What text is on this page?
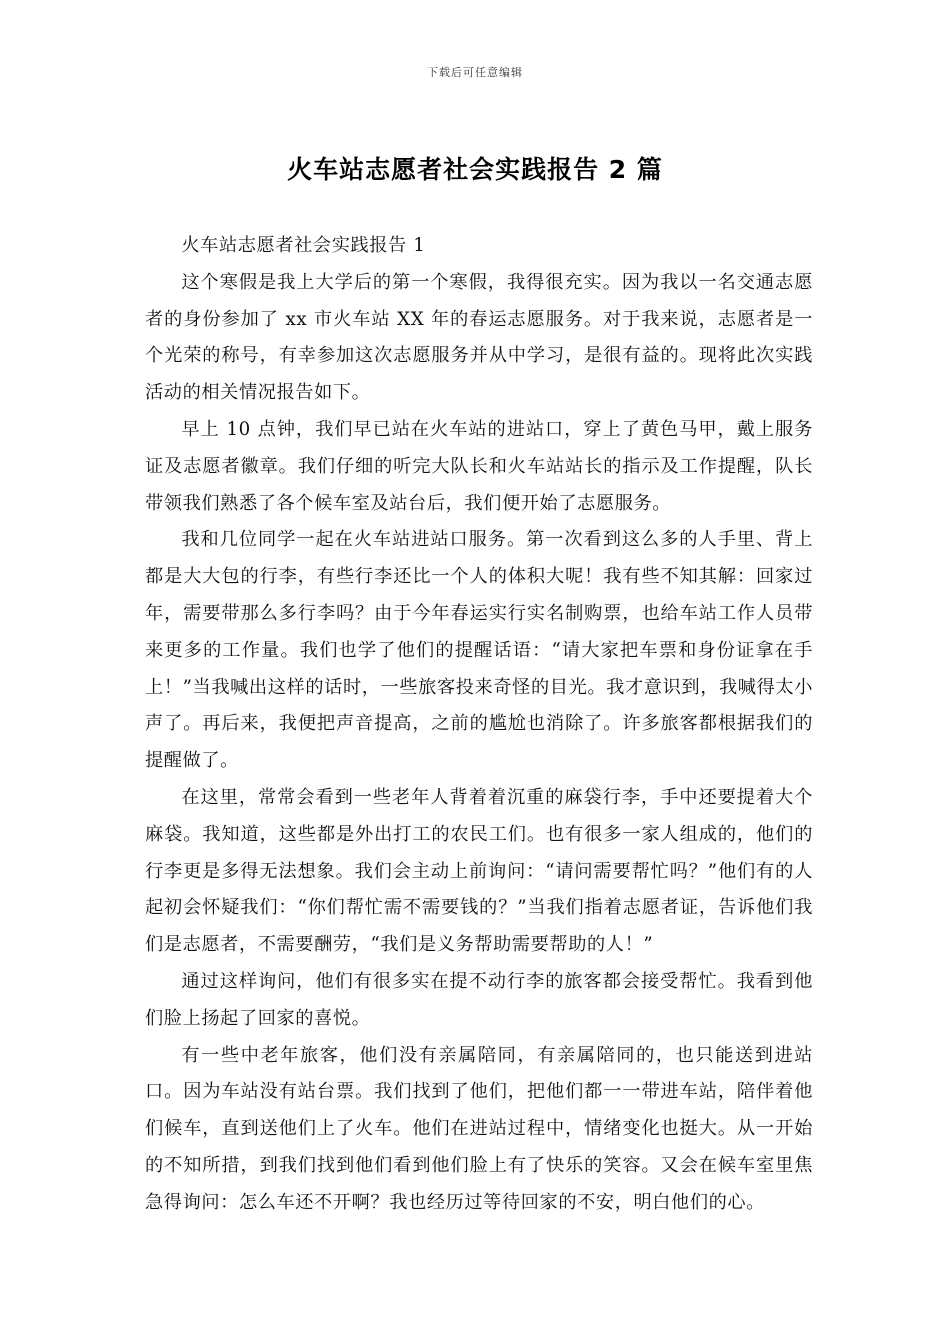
下载后可任意编辑
火车站志愿者社会实践报告 2 篇

火车站志愿者社会实践报告 1

这个寒假是我上大学后的第一个寒假，我得很充实。因为我以一名交通志愿者的身份参加了 xx 市火车站 XX 年的春运志愿服务。对于我来说，志愿者是一个光荣的称号，有幸参加这次志愿服务并从中学习，是很有益的。现将此次实践活动的相关情况报告如下。

早上 10 点钟，我们早已站在火车站的进站口，穿上了黄色马甲，戴上服务证及志愿者徽章。我们仔细的听完大队长和火车站站长的指示及工作提醒，队长带领我们熟悉了各个候车室及站台后，我们便开始了志愿服务。

我和几位同学一起在火车站进站口服务。第一次看到这么多的人手里、背上都是大大包的行李，有些行李还比一个人的体积大呢！我有些不知其解：回家过年，需要带那么多行李吗？由于今年春运实行实名制购票，也给车站工作人员带来更多的工作量。我们也学了他们的提醒话语：“请大家把车票和身份证拿在手上！”当我喊出这样的话时，一些旅客投来奇怪的目光。我才意识到，我喊得太小声了。再后来，我便把声音提高，之前的尴尬也消除了。许多旅客都根据我们的提醒做了。

在这里，常常会看到一些老年人背着着沉重的麻袋行李，手中还要提着大个麻袋。我知道，这些都是外出打工的农民工们。也有很多一家人组成的，他们的行李更是多得无法想象。我们会主动上前询问：“请问需要帮忙吗？”他们有的人起初会怀疑我们：“你们帮忙需不需要钱的？”当我们指着志愿者证，告诉他们我们是志愿者，不需要酬劳，“我们是义务帮助需要帮助的人！”

通过这样询问，他们有很多实在提不动行李的旅客都会接受帮忙。我看到他们脸上扬起了回家的喜悦。

有一些中老年旅客，他们没有亲属陪同，有亲属陪同的，也只能送到进站口。因为车站没有站台票。我们找到了他们，把他们都一一带进车站，陪伴着他们候车，直到送他们上了火车。他们在进站过程中，情绪变化也挺大。从一开始的不知所措，到我们找到他们看到他们脸上有了快乐的笑容。又会在候车室里焦急得询问：怎么车还不开啊？我也经历过等待回家的不安，明白他们的心。
